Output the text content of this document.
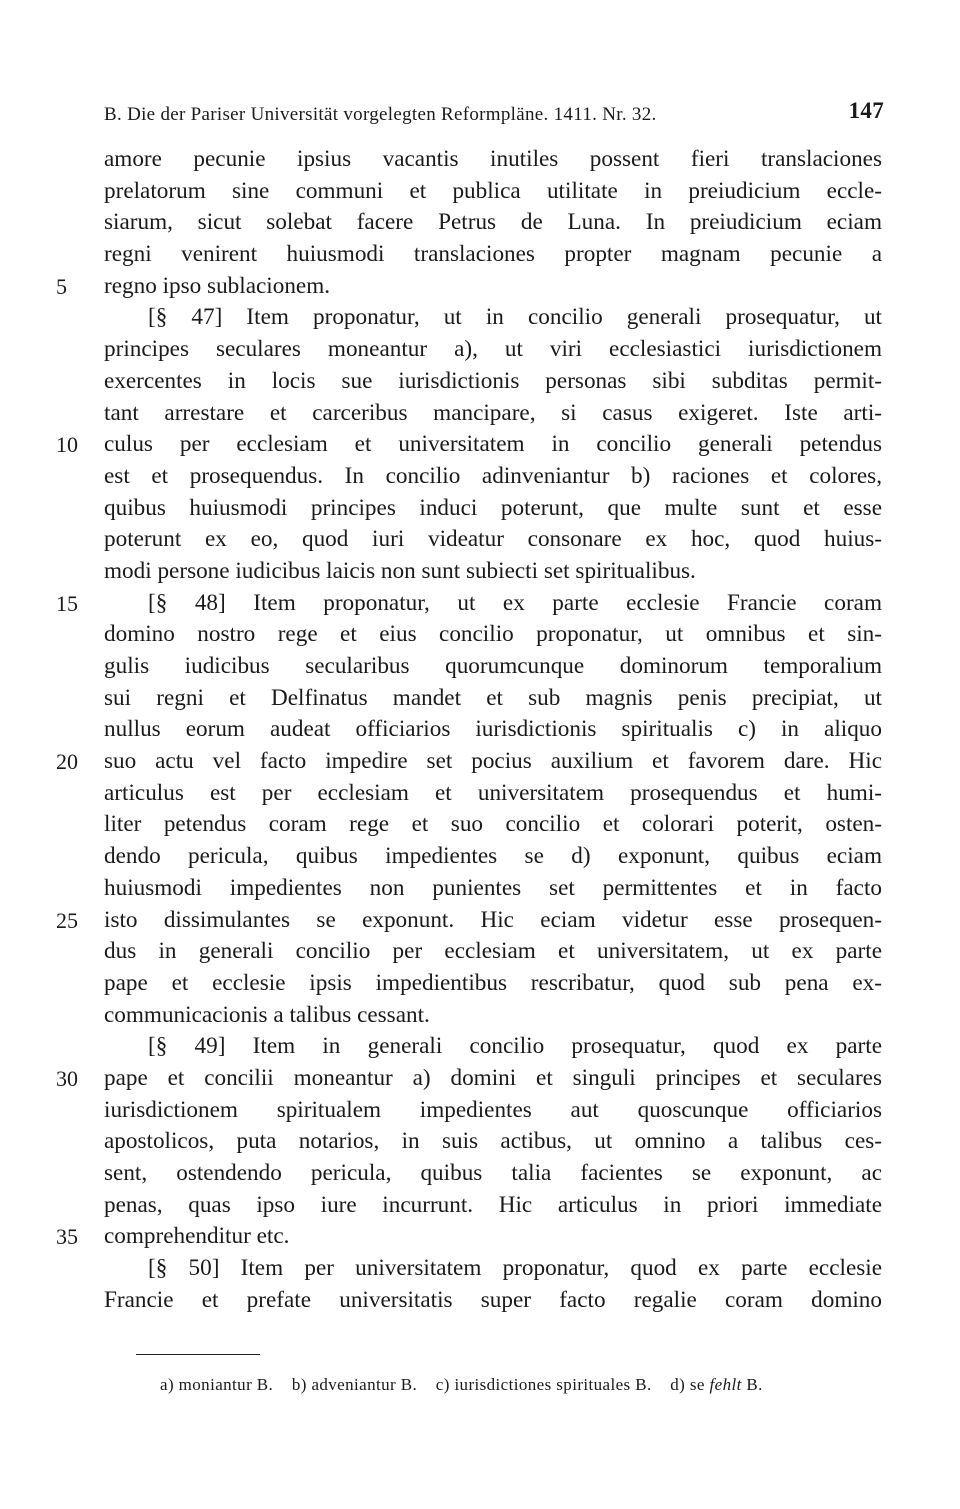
B. Die der Pariser Universität vorgelegten Reformpläne. 1411. Nr. 32.	147
amore pecunie ipsius vacantis inutiles possent fieri translaciones
prelatorum sine communi et publica utilitate in preiudicium eccle-
siarum, sicut solebat facere Petrus de Luna. In preiudicium eciam
regni venirent huiusmodi translaciones propter magnam pecunie a
5	regno ipso sublacionem.
[§ 47] Item proponatur, ut in concilio generali prosequatur, ut
principes seculares moneantur a), ut viri ecclesiastici iurisdictionem
exercentes in locis sue iurisdictionis personas sibi subditas permit-
tant arrestare et carceribus mancipare, si casus exigeret. Iste arti-
10	culus per ecclesiam et universitatem in concilio generali petendus
est et prosequendus. In concilio adinveniantur b) raciones et colores,
quibus huiusmodi principes induci poterunt, que multe sunt et esse
poterunt ex eo, quod iuri videatur consonare ex hoc, quod huius-
modi persone iudicibus laicis non sunt subiecti set spiritualibus.
15	[§ 48] Item proponatur, ut ex parte ecclesie Francie coram
domino nostro rege et eius concilio proponatur, ut omnibus et sin-
gulis iudicibus secularibus quorumcunque dominorum temporalium
sui regni et Delfinatus mandet et sub magnis penis precipiat, ut
nullus eorum audeat officiarios iurisdictionis spiritualis c) in aliquo
20	suo actu vel facto impedire set pocius auxilium et favorem dare. Hic
articulus est per ecclesiam et universitatem prosequendus et humi-
liter petendus coram rege et suo concilio et colorari poterit, osten-
dendo pericula, quibus impedientes se d) exponunt, quibus eciam
huiusmodi impedientes non punientes set permittentes et in facto
25	isto dissimulantes se exponunt. Hic eciam videtur esse prosequen-
dus in generali concilio per ecclesiam et universitatem, ut ex parte
pape et ecclesie ipsis impedientibus rescribatur, quod sub pena ex-
communicacionis a talibus cessant.
[§ 49] Item in generali concilio prosequatur, quod ex parte
30	pape et concilii moneantur a) domini et singuli principes et seculares
iurisdictionem spiritualem impedientes aut quoscunque officiarios
apostolicos, puta notarios, in suis actibus, ut omnino a talibus ces-
sent, ostendendo pericula, quibus talia facientes se exponunt, ac
penas, quas ipso iure incurrunt. Hic articulus in priori immediate
35	comprehenditur etc.
[§ 50] Item per universitatem proponatur, quod ex parte ecclesie
Francie et prefate universitatis super facto regalie coram domino
a) moniantur B. b) adveniantur B. c) iurisdictiones spirituales B. d) se fehlt B.
